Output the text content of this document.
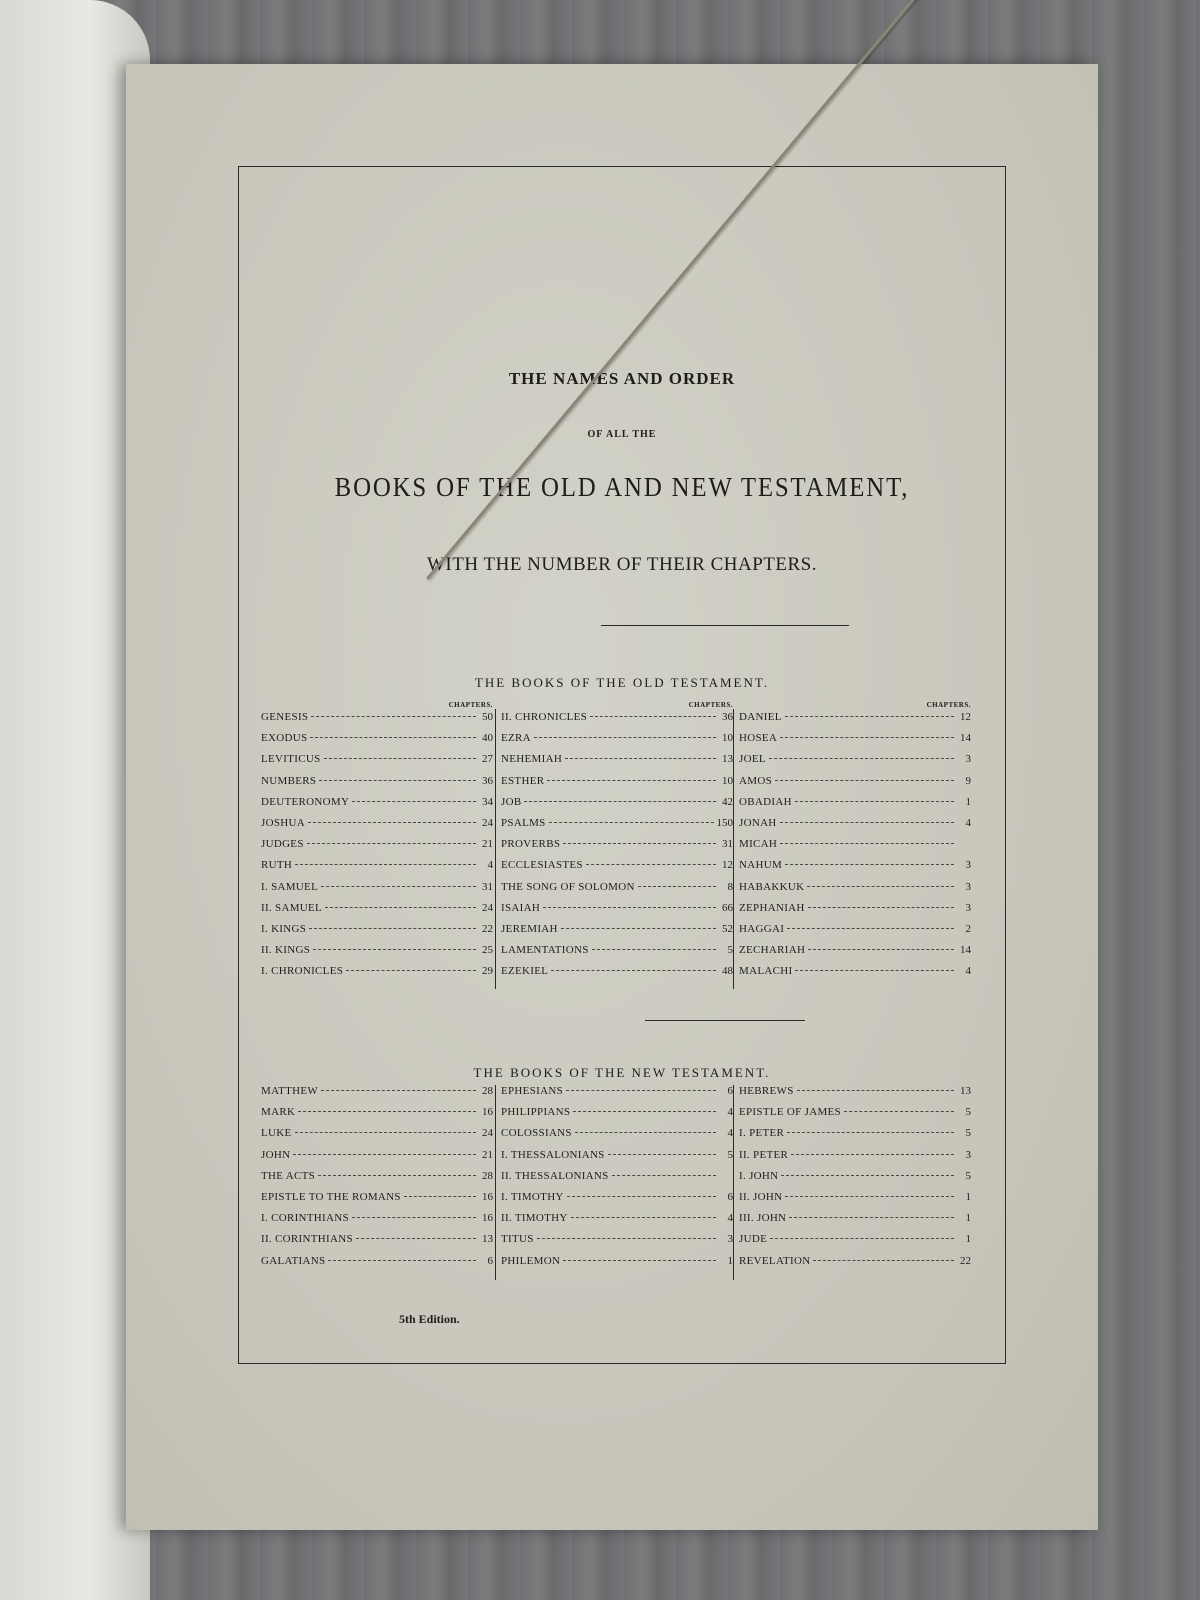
THE NAMES AND ORDER
OF ALL THE
BOOKS OF THE OLD AND NEW TESTAMENT,
WITH THE NUMBER OF THEIR CHAPTERS.
THE BOOKS OF THE OLD TESTAMENT.
CHAPTERS.
GENESIS	50
EXODUS	40
LEVITICUS	27
NUMBERS	36
DEUTERONOMY	34
JOSHUA	24
JUDGES	21
RUTH	4
I. SAMUEL	31
II. SAMUEL	24
I. KINGS	22
II. KINGS	25
I. CHRONICLES	29
CHAPTERS.
II. CHRONICLES	36
EZRA	10
NEHEMIAH	13
ESTHER	10
JOB	42
PSALMS	150
PROVERBS	31
ECCLESIASTES	12
THE SONG OF SOLOMON	8
ISAIAH	66
JEREMIAH	52
LAMENTATIONS	5
EZEKIEL	48
CHAPTERS.
DANIEL	12
HOSEA	14
JOEL	3
AMOS	9
OBADIAH	1
JONAH	4
MICAH
NAHUM	3
HABAKKUK	3
ZEPHANIAH	3
HAGGAI	2
ZECHARIAH	14
MALACHI	4
THE BOOKS OF THE NEW TESTAMENT.
MATTHEW	28
MARK	16
LUKE	24
JOHN	21
THE ACTS	28
EPISTLE TO THE ROMANS	16
I. CORINTHIANS	16
II. CORINTHIANS	13
GALATIANS	6
EPHESIANS	6
PHILIPPIANS	4
COLOSSIANS	4
I. THESSALONIANS	5
II. THESSALONIANS
I. TIMOTHY	6
II. TIMOTHY	4
TITUS	3
PHILEMON	1
HEBREWS	13
EPISTLE OF JAMES	5
I. PETER	5
II. PETER	3
I. JOHN	5
II. JOHN	1
III. JOHN	1
JUDE	1
REVELATION	22
5th Edition.
